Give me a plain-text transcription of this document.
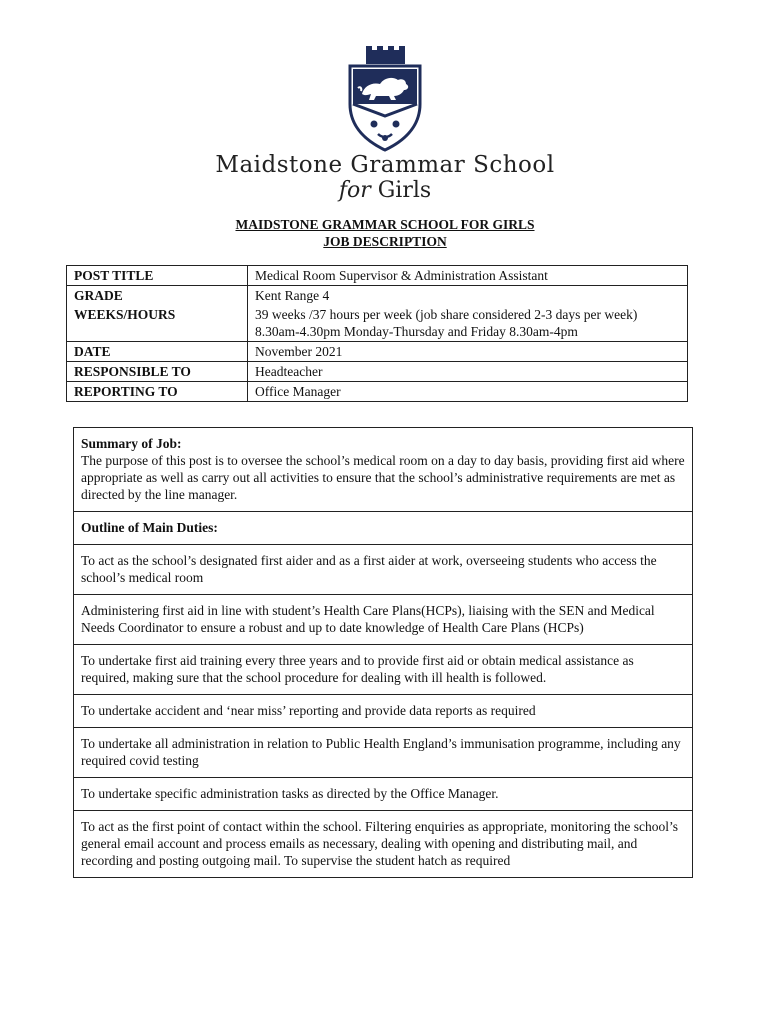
Maidstone Grammar School
for Girls
MAIDSTONE GRAMMAR SCHOOL FOR GIRLS
JOB DESCRIPTION
POST TITLE	Medical Room Supervisor & Administration Assistant
GRADE	Kent Range 4
WEEKS/HOURS	39 weeks /37 hours per week (job share considered 2-3 days per week) 8.30am-4.30pm Monday-Thursday and Friday 8.30am-4pm
DATE	November 2021
RESPONSIBLE TO	Headteacher
REPORTING TO	Office Manager
Summary of Job:
The purpose of this post is to oversee the school’s medical room on a day to day basis, providing first aid where appropriate as well as carry out all activities to ensure that the school’s administrative requirements are met as directed by the line manager.

Outline of Main Duties:
To act as the school’s designated first aider and as a first aider at work, overseeing students who access the school’s medical room
Administering first aid in line with student’s Health Care Plans(HCPs), liaising with the SEN and Medical Needs Coordinator to ensure a robust and up to date knowledge of Health Care Plans (HCPs)
To undertake first aid training every three years and to provide first aid or obtain medical assistance as required, making sure that the school procedure for dealing with ill health is followed.
To undertake accident and ‘near miss’ reporting and provide data reports as required
To undertake all administration in relation to Public Health England’s immunisation programme, including any required covid testing
To undertake specific administration tasks as directed by the Office Manager.
To act as the first point of contact within the school. Filtering enquiries as appropriate, monitoring the school’s general email account and process emails as necessary, dealing with opening and distributing mail, and recording and posting outgoing mail. To supervise the student hatch as required
